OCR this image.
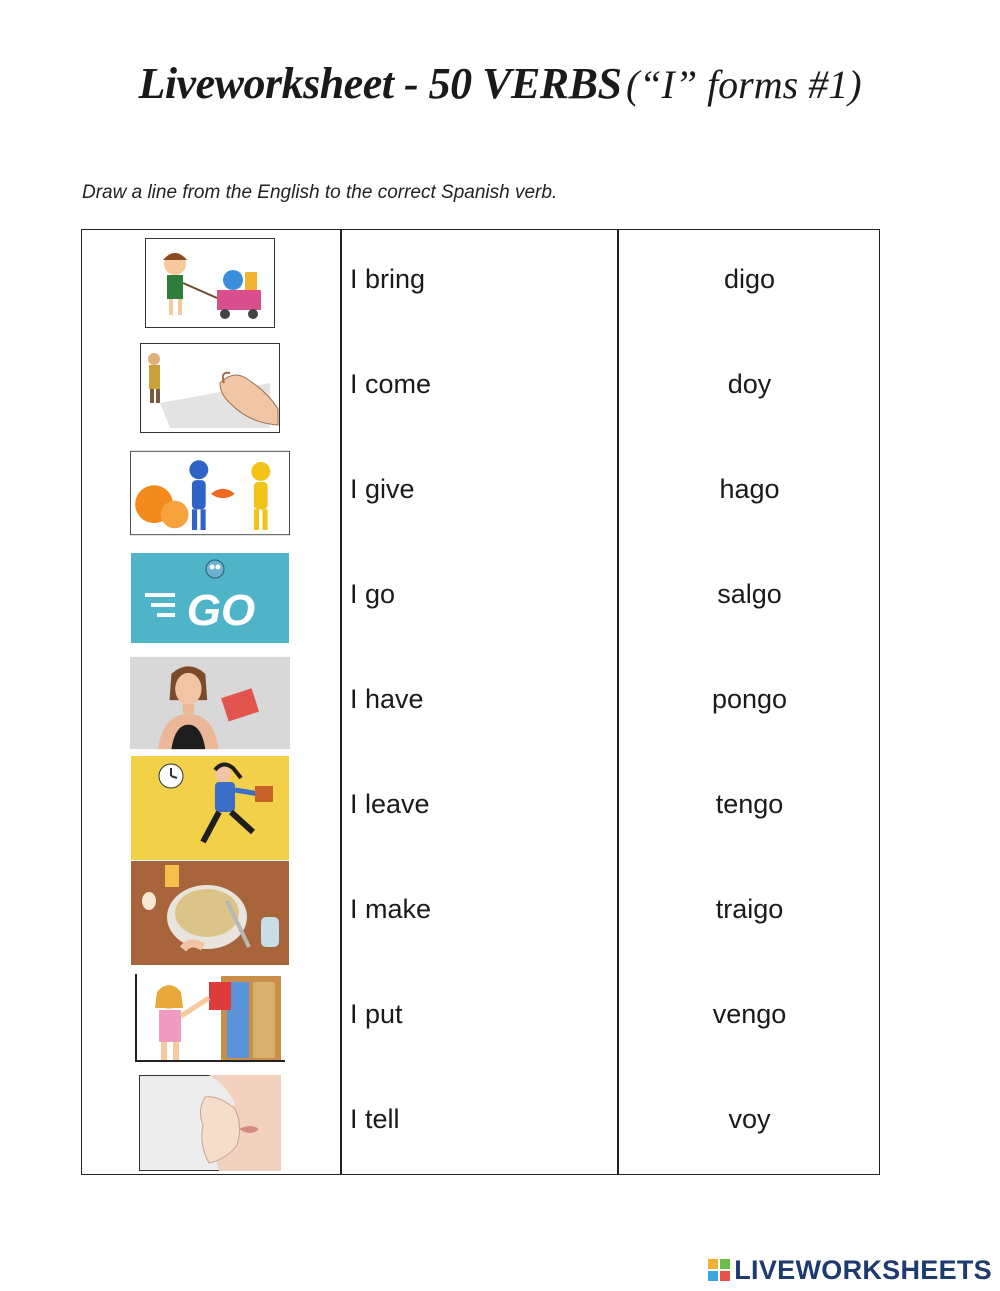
Liveworksheet - 50 VERBS (“I” forms #1)
Draw a line from the English to the correct Spanish verb.
I bring	digo
I come	doy
I give	hago
GO	I go	salgo
I have	pongo
I leave	tengo
I make	traigo
I put	vengo
I tell	voy
LIVEWORKSHEETS
